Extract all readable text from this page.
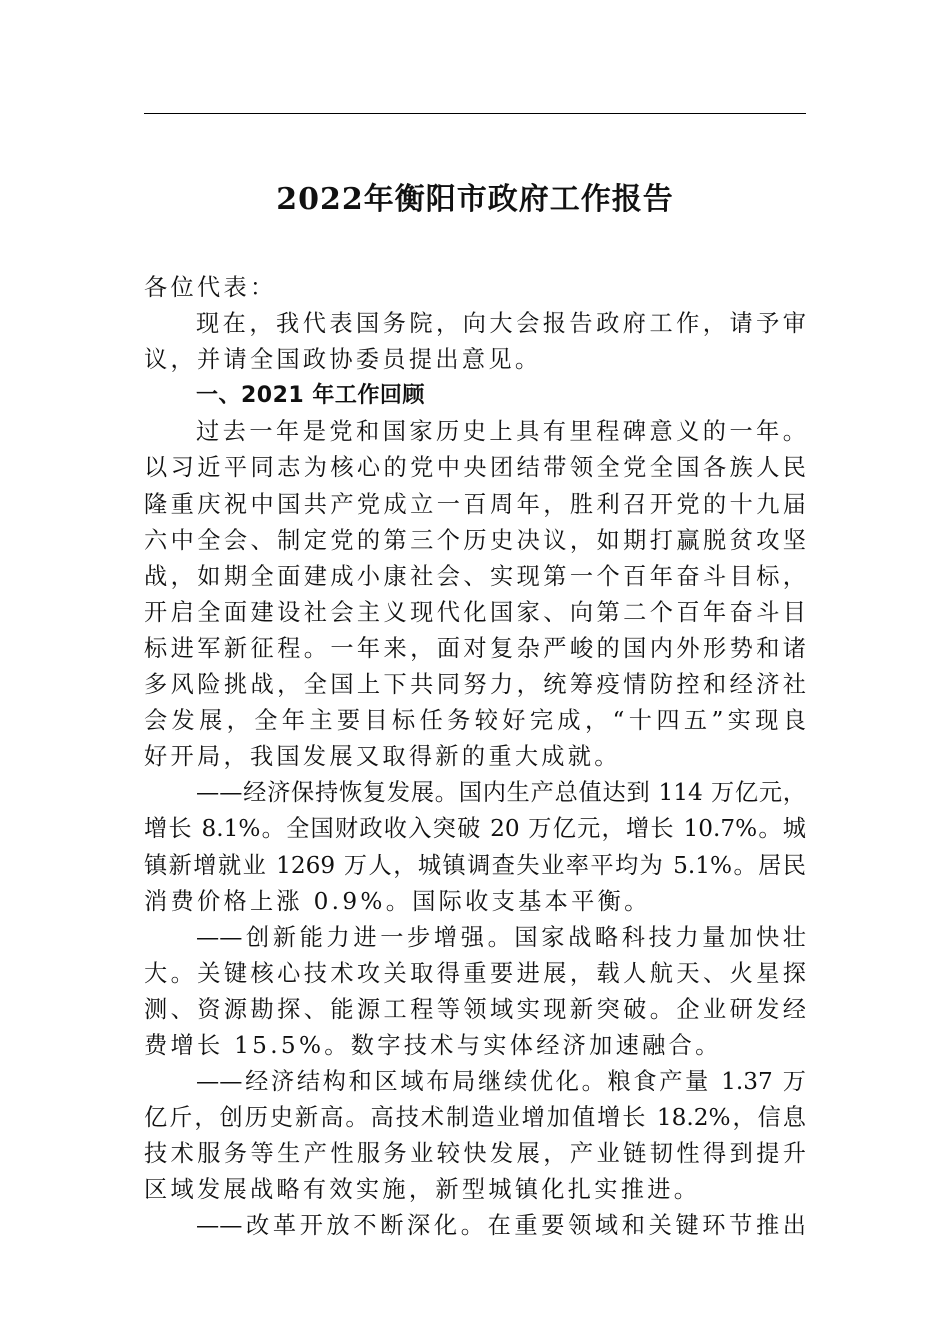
2022年衡阳市政府工作报告
各位代表：
现在，我代表国务院，向大会报告政府工作，请予审
议，并请全国政协委员提出意见。
一、2021 年工作回顾
过去一年是党和国家历史上具有里程碑意义的一年。
以习近平同志为核心的党中央团结带领全党全国各族人民
隆重庆祝中国共产党成立一百周年，胜利召开党的十九届
六中全会、制定党的第三个历史决议，如期打赢脱贫攻坚
战，如期全面建成小康社会、实现第一个百年奋斗目标，
开启全面建设社会主义现代化国家、向第二个百年奋斗目
标进军新征程。一年来，面对复杂严峻的国内外形势和诸
多风险挑战，全国上下共同努力，统筹疫情防控和经济社
会发展，全年主要目标任务较好完成，“十四五”实现良
好开局，我国发展又取得新的重大成就。
——经济保持恢复发展。国内生产总值达到 114 万亿元，
增长 8.1%。全国财政收入突破 20 万亿元，增长 10.7%。城
镇新增就业 1269 万人，城镇调查失业率平均为 5.1%。居民
消费价格上涨 0.9%。国际收支基本平衡。
——创新能力进一步增强。国家战略科技力量加快壮
大。关键核心技术攻关取得重要进展，载人航天、火星探
测、资源勘探、能源工程等领域实现新突破。企业研发经
费增长 15.5%。数字技术与实体经济加速融合。
——经济结构和区域布局继续优化。粮食产量 1.37 万
亿斤，创历史新高。高技术制造业增加值增长 18.2%，信息
技术服务等生产性服务业较快发展，产业链韧性得到提升
区域发展战略有效实施，新型城镇化扎实推进。
——改革开放不断深化。在重要领域和关键环节推出
